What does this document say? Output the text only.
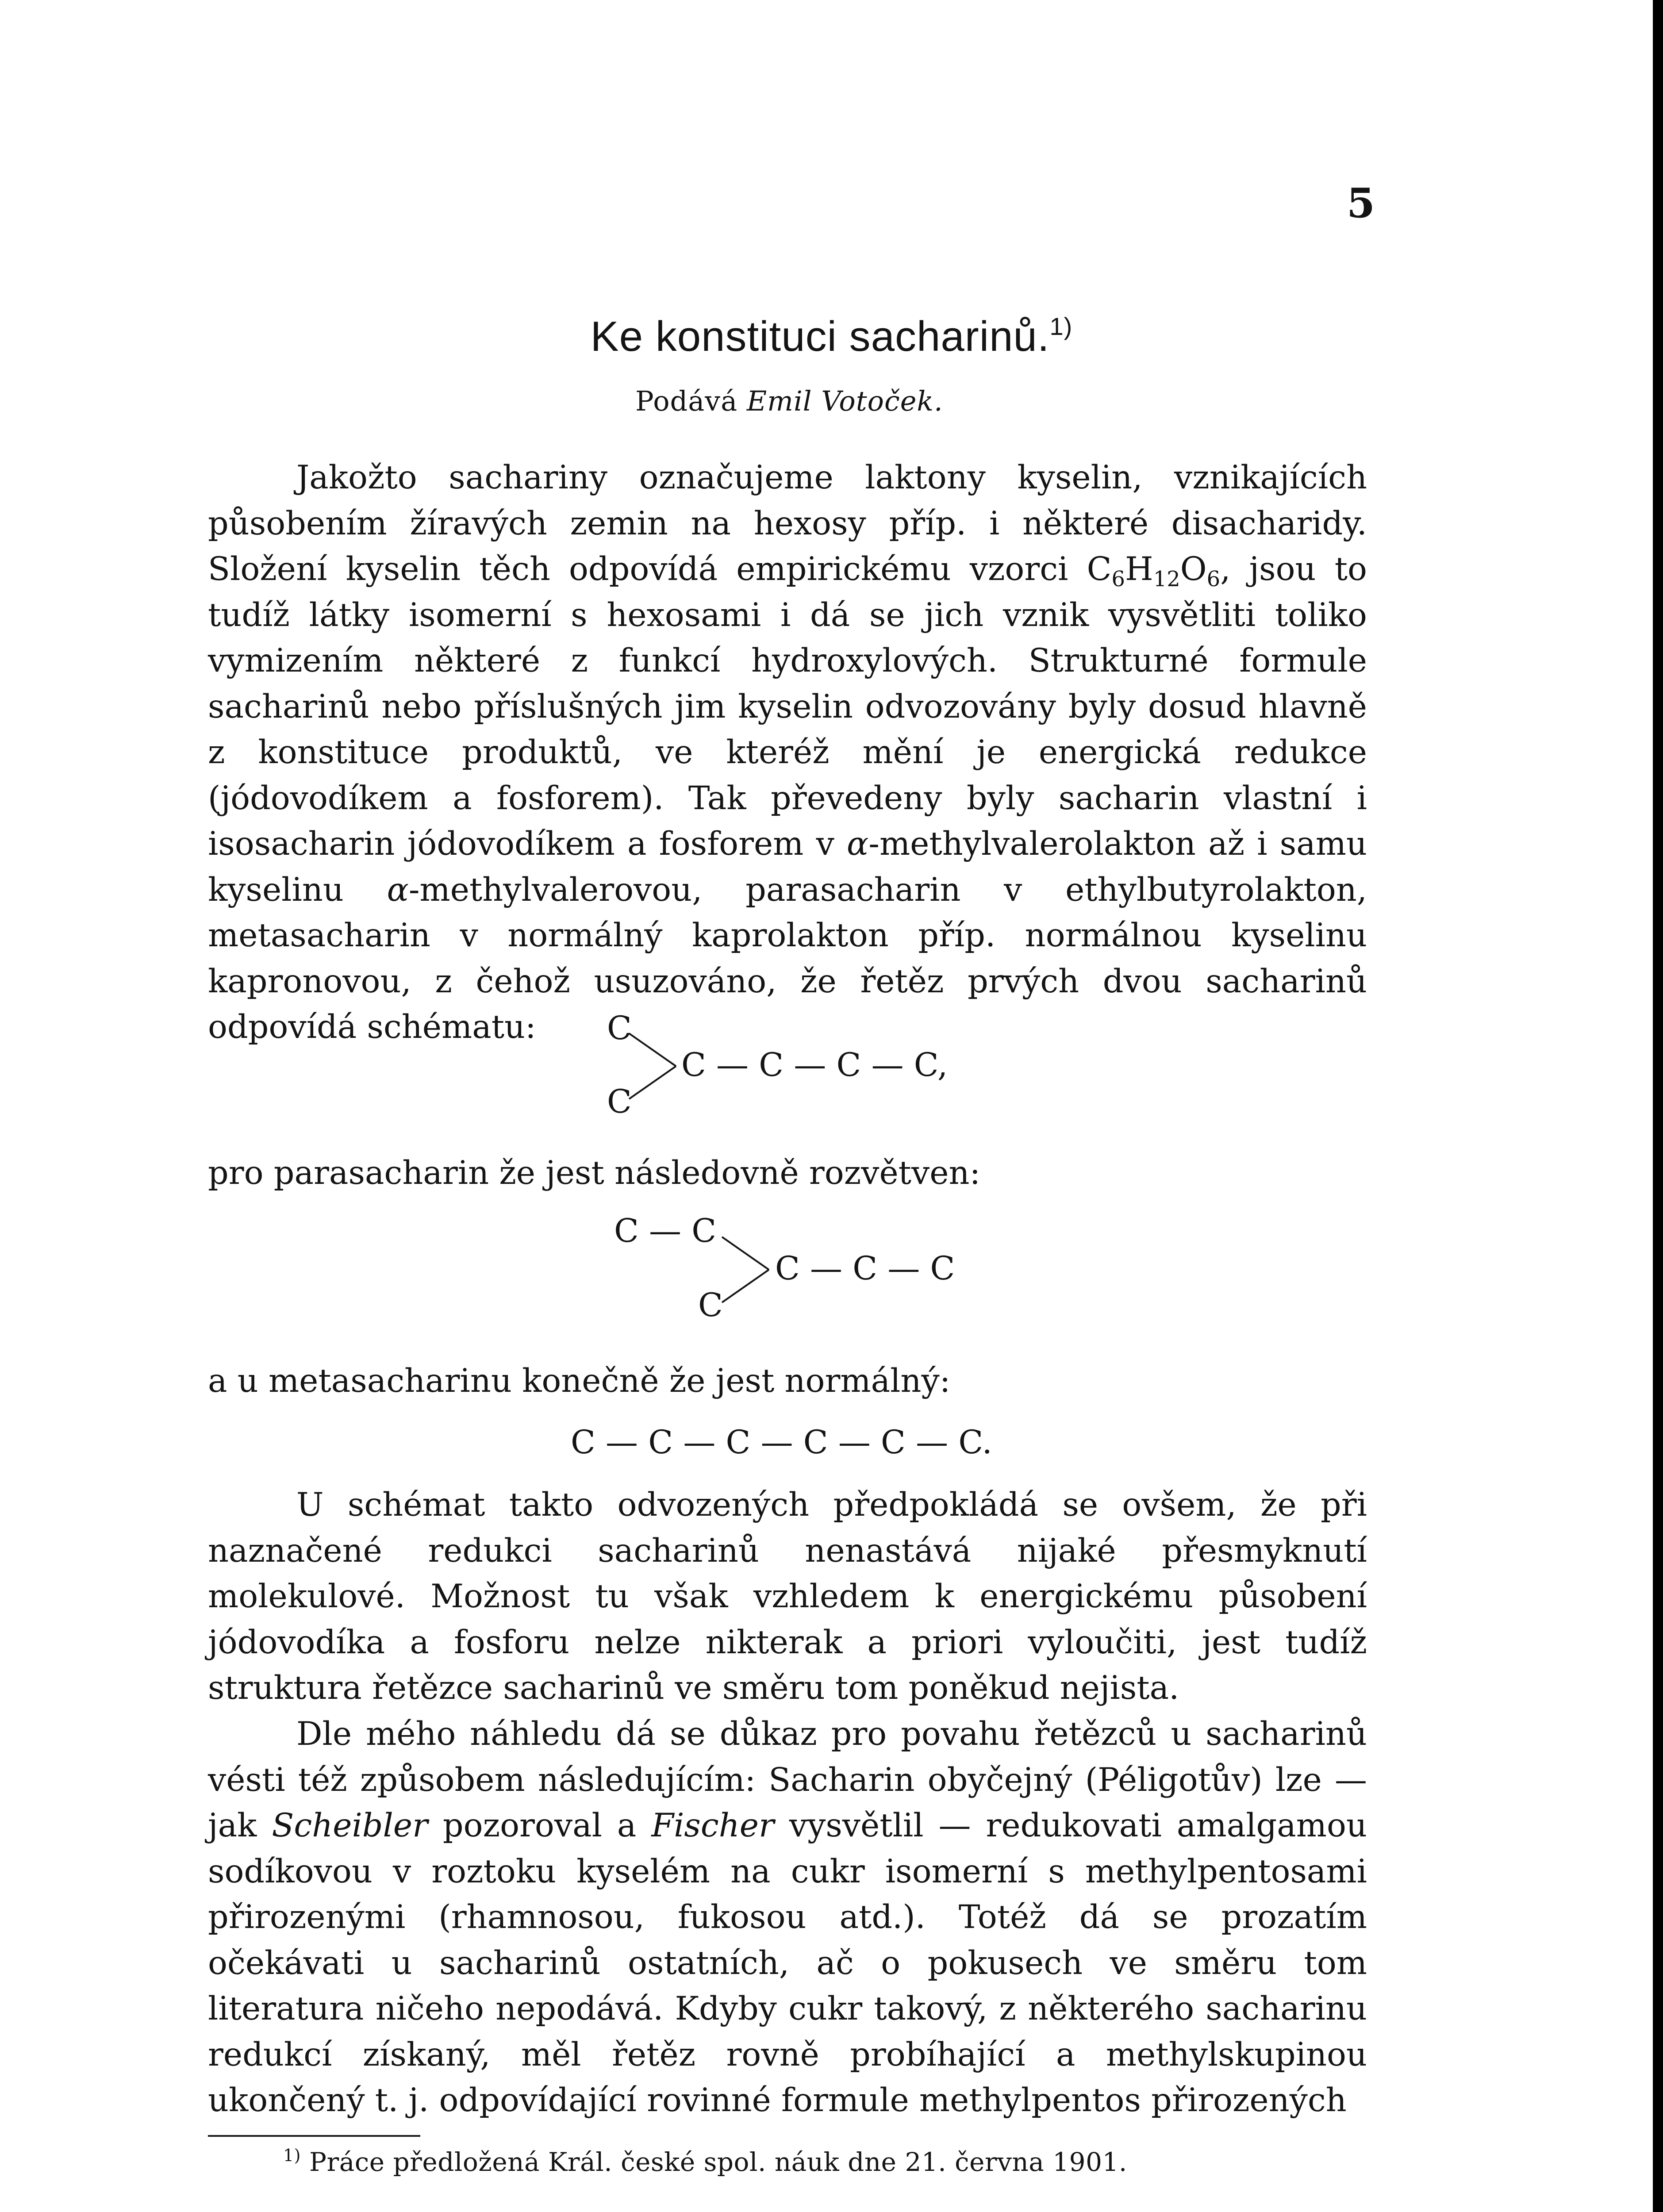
5
Ke konstituci sacharinů.$^{1)}$
Podává Emil Votoček.

Jakožto sachariny označujeme laktony kyselin, vznikajících působením žíravých zemin na hexosy příp. i některé disacharidy. Složení kyselin těch odpovídá empirickému vzorci $C_6H_{12}O_6$, jsou to tudíž látky isomerní s hexosami i dá se jich vznik vysvětliti toliko vymizením některé z funkcí hydroxylových. Strukturné formule sacharinů nebo příslušných jim kyselin odvozovány byly dosud hlavně z konstituce produktů, ve kteréž mění je energická redukce (jódovodíkem a fosforem). Tak převedeny byly sacharin vlastní i isosacharin jódovodíkem a fosforem v α-methylvalerolakton až i samu kyselinu α-methylvalerovou, parasacharin v ethylbutyrolakton, metasacharin v normálný kaprolakton příp. normálnou kyselinu kapronovou, z čehož usuzováno, že řetěz prvých dvou sacharinů odpovídá schématu:	C
C
C — C — C — C,

pro parasacharin že jest následovně rozvětven:

C — C
C
C — C — C

a u metasacharinu konečně že jest normálný:

C — C — C — C — C — C.

U schémat takto odvozených předpokládá se ovšem, že při naznačené redukci sacharinů nenastává nijaké přesmyknutí molekulové. Možnost tu však vzhledem k energickému působení jódovodíka a fosforu nelze nikterak a priori vyloučiti, jest tudíž struktura řetězce sacharinů ve směru tom poněkud nejista.

Dle mého náhledu dá se důkaz pro povahu řetězců u sacharinů vésti též způsobem následujícím: Sacharin obyčejný (Péligotův) lze — jak Scheibler pozoroval a Fischer vysvětlil — redukovati amalgamou sodíkovou v roztoku kyselém na cukr isomerní s methylpentosami přirozenými (rhamnosou, fukosou atd.). Totéž dá se prozatím očekávati u sacharinů ostatních, ač o pokusech ve směru tom literatura ničeho nepodává. Kdyby cukr takový, z některého sacharinu redukcí získaný, měl řetěz rovně probíhající a methylskupinou ukončený t. j. odpovídající rovinné formule methylpentos přirozených

$^{1)}$ Práce předložená Král. české spol. náuk dne 21. června 1901.
